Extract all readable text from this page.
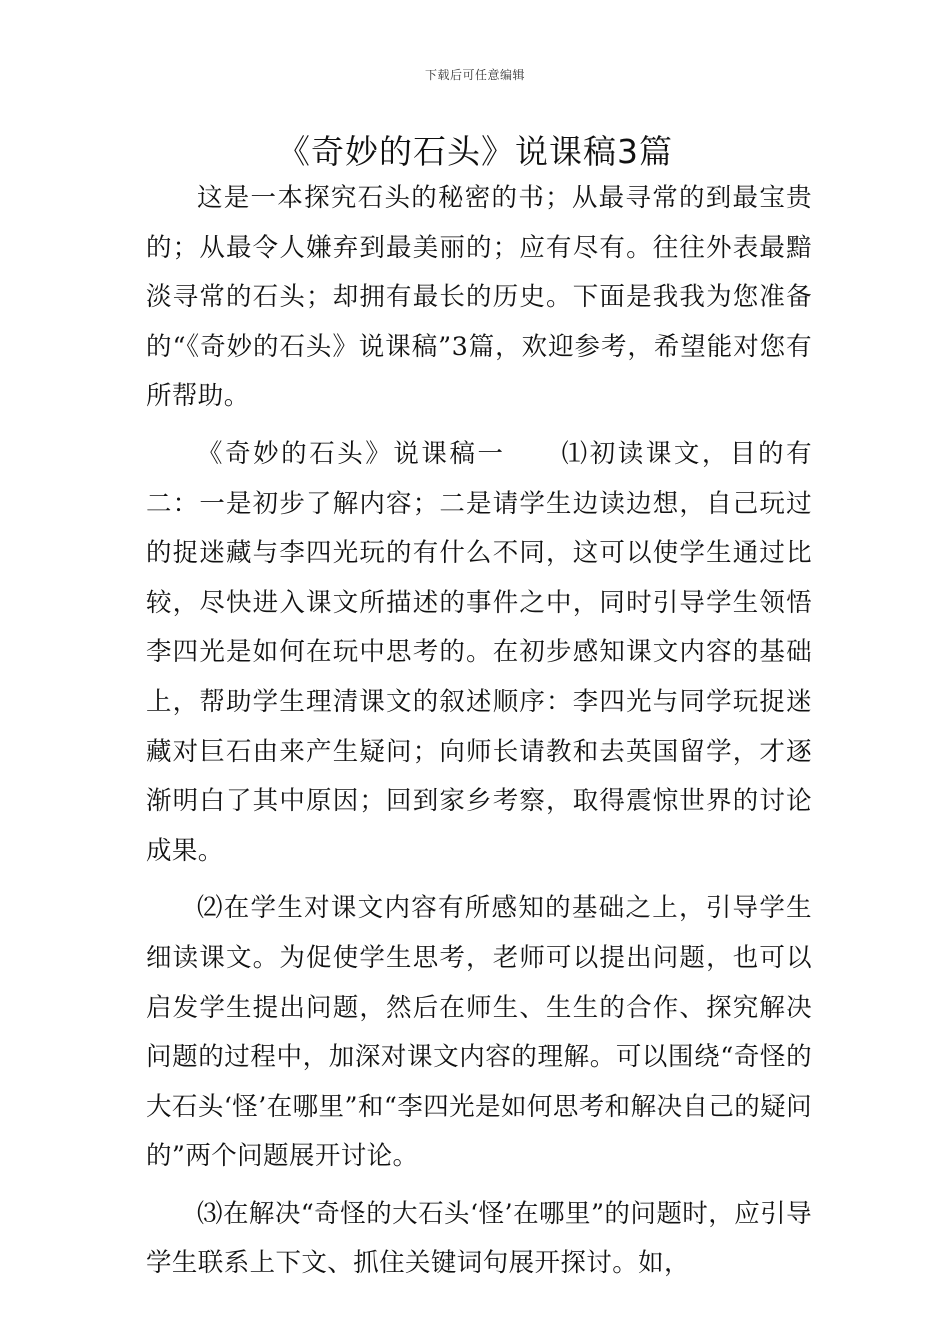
下载后可任意编辑
《奇妙的石头》说课稿3篇

这是一本探究石头的秘密的书；从最寻常的到最宝贵的；从最令人嫌弃到最美丽的；应有尽有。往往外表最黯淡寻常的石头；却拥有最长的历史。下面是我我为您准备的“《奇妙的石头》说课稿”3篇，欢迎参考，希望能对您有所帮助。

《奇妙的石头》说课稿一　　⑴初读课文，目的有二：一是初步了解内容；二是请学生边读边想，自己玩过的捉迷藏与李四光玩的有什么不同，这可以使学生通过比较，尽快进入课文所描述的事件之中，同时引导学生领悟李四光是如何在玩中思考的。在初步感知课文内容的基础上，帮助学生理清课文的叙述顺序：李四光与同学玩捉迷藏对巨石由来产生疑问；向师长请教和去英国留学，才逐渐明白了其中原因；回到家乡考察，取得震惊世界的讨论成果。

⑵在学生对课文内容有所感知的基础之上，引导学生细读课文。为促使学生思考，老师可以提出问题，也可以启发学生提出问题，然后在师生、生生的合作、探究解决问题的过程中，加深对课文内容的理解。可以围绕“奇怪的大石头‘怪’在哪里”和“李四光是如何思考和解决自己的疑问的”两个问题展开讨论。

⑶在解决“奇怪的大石头‘怪’在哪里”的问题时，应引导学生联系上下文、抓住关键词句展开探讨。如，
